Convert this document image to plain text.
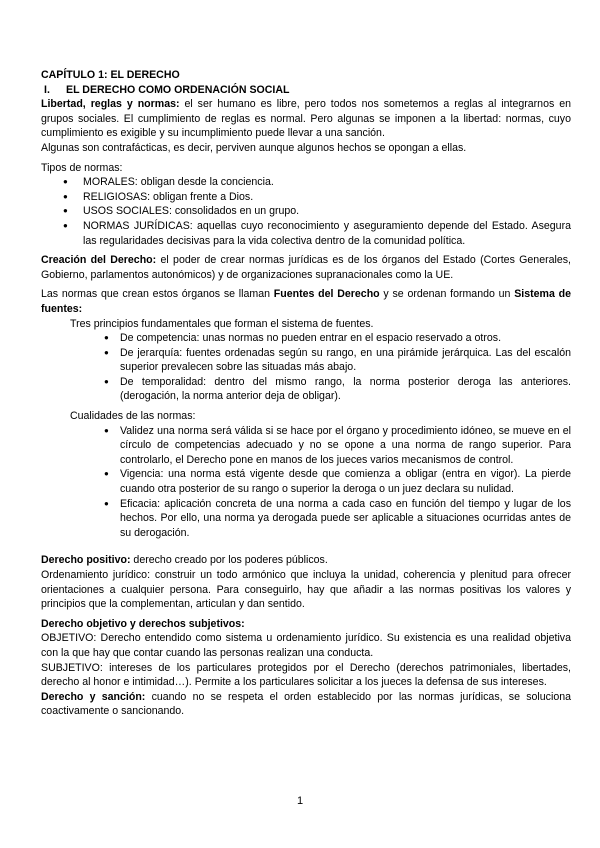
CAPÍTULO 1: EL DERECHO

I.	EL DERECHO COMO ORDENACIÓN SOCIAL

Libertad, reglas y normas: el ser humano es libre, pero todos nos sometemos a reglas al integrarnos en grupos sociales. El cumplimiento de reglas es normal. Pero algunas se imponen a la libertad: normas, cuyo cumplimiento es exigible y su incumplimiento puede llevar a una sanción.

Algunas son contrafácticas, es decir, perviven aunque algunos hechos se opongan a ellas.

Tipos de normas:

● MORALES: obligan desde la conciencia.
● RELIGIOSAS: obligan frente a Dios.
● USOS SOCIALES: consolidados en un grupo.
● NORMAS JURÍDICAS: aquellas cuyo reconocimiento y aseguramiento depende del Estado. Asegura las regularidades decisivas para la vida colectiva dentro de la comunidad política.

Creación del Derecho: el poder de crear normas jurídicas es de los órganos del Estado (Cortes Generales, Gobierno, parlamentos autonómicos) y de organizaciones supranacionales como la UE.

Las normas que crean estos órganos se llaman Fuentes del Derecho y se ordenan formando un Sistema de fuentes:

Tres principios fundamentales que forman el sistema de fuentes.

● De competencia: unas normas no pueden entrar en el espacio reservado a otros.
● De jerarquía: fuentes ordenadas según su rango, en una pirámide jerárquica. Las del escalón superior prevalecen sobre las situadas más abajo.
● De temporalidad: dentro del mismo rango, la norma posterior deroga las anteriores. (derogación, la norma anterior deja de obligar).

Cualidades de las normas:

● Validez una norma será válida si se hace por el órgano y procedimiento idóneo, se mueve en el círculo de competencias adecuado y no se opone a una norma de rango superior. Para controlarlo, el Derecho pone en manos de los jueces varios mecanismos de control.
● Vigencia: una norma está vigente desde que comienza a obligar (entra en vigor). La pierde cuando otra posterior de su rango o superior la deroga o un juez declara su nulidad.
● Eficacia: aplicación concreta de una norma a cada caso en función del tiempo y lugar de los hechos. Por ello, una norma ya derogada puede ser aplicable a situaciones ocurridas antes de su derogación.

Derecho positivo: derecho creado por los poderes públicos.

Ordenamiento jurídico: construir un todo armónico que incluya la unidad, coherencia y plenitud para ofrecer orientaciones a cualquier persona. Para conseguirlo, hay que añadir a las normas positivas los valores y principios que la complementan, articulan y dan sentido.

Derecho objetivo y derechos subjetivos:

OBJETIVO: Derecho entendido como sistema u ordenamiento jurídico. Su existencia es una realidad objetiva con la que hay que contar cuando las personas realizan una conducta.

SUBJETIVO: intereses de los particulares protegidos por el Derecho (derechos patrimoniales, libertades, derecho al honor e intimidad…). Permite a los particulares solicitar a los jueces la defensa de sus intereses.

Derecho y sanción: cuando no se respeta el orden establecido por las normas jurídicas, se soluciona coactivamente o sancionando.

1
